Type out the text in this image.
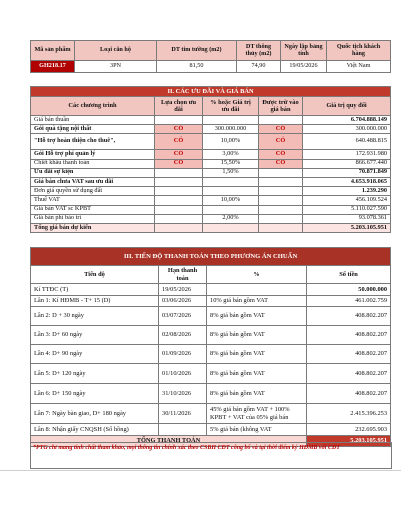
Mã sản phẩm	Loại căn hộ	DT tim tường (m2)	DT thông thủy (m2)	Ngày lập bảng tính	Quốc tịch khách hàng
GH218.17	3PN	81,50	74,90	19/05/2026	Việt Nam
II. CÁC ƯU ĐÃI VÀ GIÁ BÁN				
Các chương trình	Lựa chọn ưu đãi	% hoặc Giá trị ưu đãi	Được trừ vào giá bán	Giá trị quy đổi
Giá bán thuần				6.704.888.149
Gói quà tặng nội thất	CÓ	300.000.000	CÓ	300.000.000
"Hỗ trợ hoàn thiện cho thuê",	CÓ	10,00%	CÓ	640.488.815
Gói Hỗ trợ phí quản lý	CÓ	3,00%	CÓ	172.931.980
Chiết khấu thanh toán	CÓ	15,50%	CÓ	866.677.440
Ưu đãi sự kiện		1,50%		70.871.849
Giá bán chưa VAT sau ưu đãi				4.653.918.065
Đơn giá quyền sử dụng đất				1.239.290
Thuế VAT		10,00%		456.109.524
Giá bán VAT sc KPBT				5.110.027.590
Giá bán phí bảo trì		2,00%		93.078.361
Tổng giá bán dự kiến				5.203.105.951
III. TIẾN ĐỘ THANH TOÁN THEO PHƯƠNG ÁN CHUẨN			
Tiến độ	Hạn thanh toán	%	Số tiền
Kí TTĐC (T)	19/05/2026		50.000.000
Lần 1: Kí HĐMB - T+ 15 (D)	03/06/2026	10% giá bán gồm VAT	461.002.759
Lần 2: D + 30 ngày	03/07/2026	8% giá bán gồm VAT	408.802.207
Lần 3: D+ 60 ngày	02/08/2026	8% giá bán gồm VAT	408.802.207
Lần 4: D+ 90 ngày	01/09/2026	8% giá bán gồm VAT	408.802.207
Lần 5: D+ 120 ngày	01/10/2026	8% giá bán gồm VAT	408.802.207
Lần 6: D+ 150 ngày	31/10/2026	8% giá bán gồm VAT	408.802.207
Lần 7: Ngày bàn giao, D+ 180 ngày	30/11/2026	45% giá bán gồm VAT + 100% KPBT + VAT của 05% giá bán	2.415.396.253
Lần 8: Nhận giấy CNQSH (Sổ hồng)		5% giá bán (không VAT	232.695.903
TỔNG THANH TOÁN			5.203.105.951
*PTG chỉ mang tính chất tham khảo, mọi thông tin chính xác theo CSBH CĐT công bố và tại thời điểm ký HĐMB với CĐT
